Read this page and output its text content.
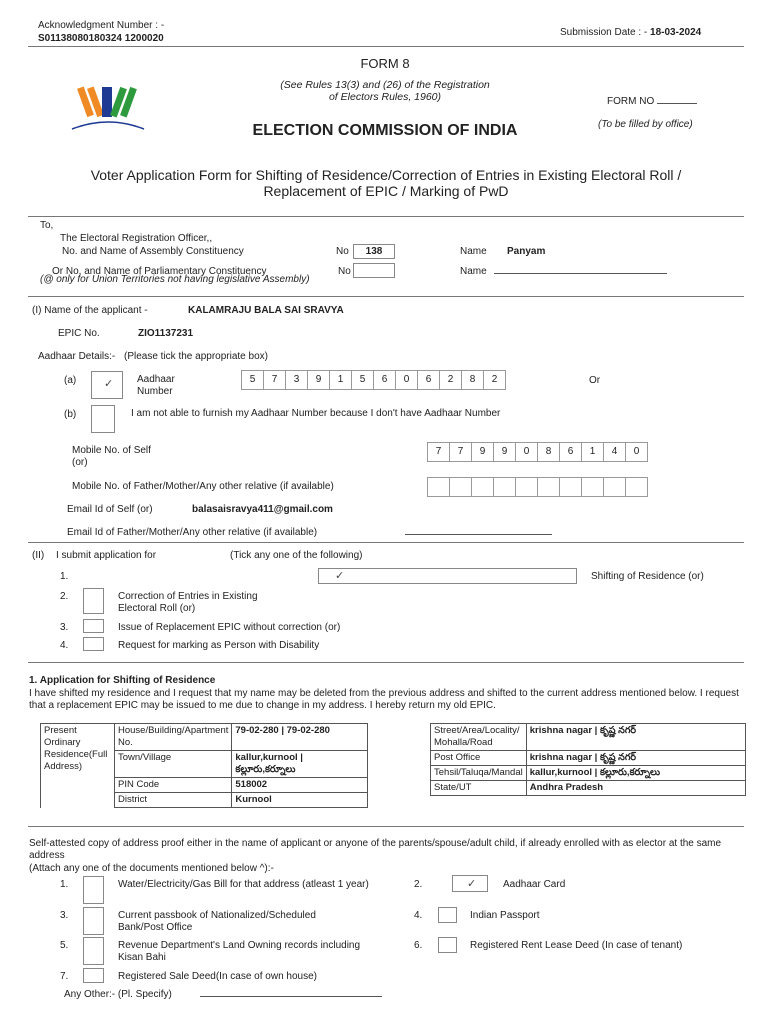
Acknowledgment Number : -
S01138080180324 1200020
Submission Date : - 18-03-2024
FORM 8
(See Rules 13(3) and (26) of the Registration of Electors Rules, 1960)
ELECTION COMMISSION OF INDIA
FORM NO
(To be filled by office)
Voter Application Form for Shifting of Residence/Correction of Entries in Existing Electoral Roll / Replacement of EPIC / Marking of PwD
To,
The Electoral Registration Officer,,
No. and Name of Assembly Constituency	No	138	Name Panyam
Or No. and Name of Parliamentary Constituency	No	Name
(@ only for Union Territories not having legislative Assembly)
(I) Name of the applicant -	KALAMRAJU BALA SAI SRAVYA
EPIC No.	ZIO1137231
Aadhaar Details:- (Please tick the appropriate box)
(a)	✓ Aadhaar Number
5	7	3	9	1	5	6	0	6	2	8	2	Or
(b)	I am not able to furnish my Aadhaar Number because I don't have Aadhaar Number
Mobile No. of Self (or)
7	7	9	9	0	8	6	1	4	0
Mobile No. of Father/Mother/Any other relative (if available)
Email Id of Self (or)	balasaisravya411@gmail.com
Email Id of Father/Mother/Any other relative (if available)
(II) I submit application for	(Tick any one of the following)
1.	✓	Shifting of Residence (or)
2.	Correction of Entries in Existing Electoral Roll (or)
3.	Issue of Replacement EPIC without correction (or)
4.	Request for marking as Person with Disability
1. Application for Shifting of Residence
I have shifted my residence and I request that my name may be deleted from the previous address and shifted to the current address mentioned below. I request that a replacement EPIC may be issued to me due to change in my address. I hereby return my old EPIC.
Present Ordinary Residence(Full Address)	House/Building/Apartment No.	79-02-280 | 79-02-280
	Town/Village	kallur,kurnool | కల్లూరు,కర్నూలు
	PIN Code	518002
	District	Kurnool
Street/Area/Locality/ Mohalla/Road	krishna nagar | కృష్ణ నగర్
Post Office	krishna nagar | కృష్ణ నగర్
Tehsil/Taluqa/Mandal	kallur,kurnool | కల్లూరు,కర్నూలు
State/UT	Andhra Pradesh
Self-attested copy of address proof either in the name of applicant or anyone of the parents/spouse/adult child, if already enrolled with as elector at the same address
(Attach any one of the documents mentioned below ^):-
1.	Water/Electricity/Gas Bill for that address (atleast 1 year)	2.	✓	Aadhaar Card
3.	Current passbook of Nationalized/Scheduled Bank/Post Office
4.	Indian Passport
5.	Revenue Department's Land Owning records including Kisan Bahi
6.	Registered Rent Lease Deed (In case of tenant)
7.	Registered Sale Deed(In case of own house)
Any Other:- (Pl. Specify)
